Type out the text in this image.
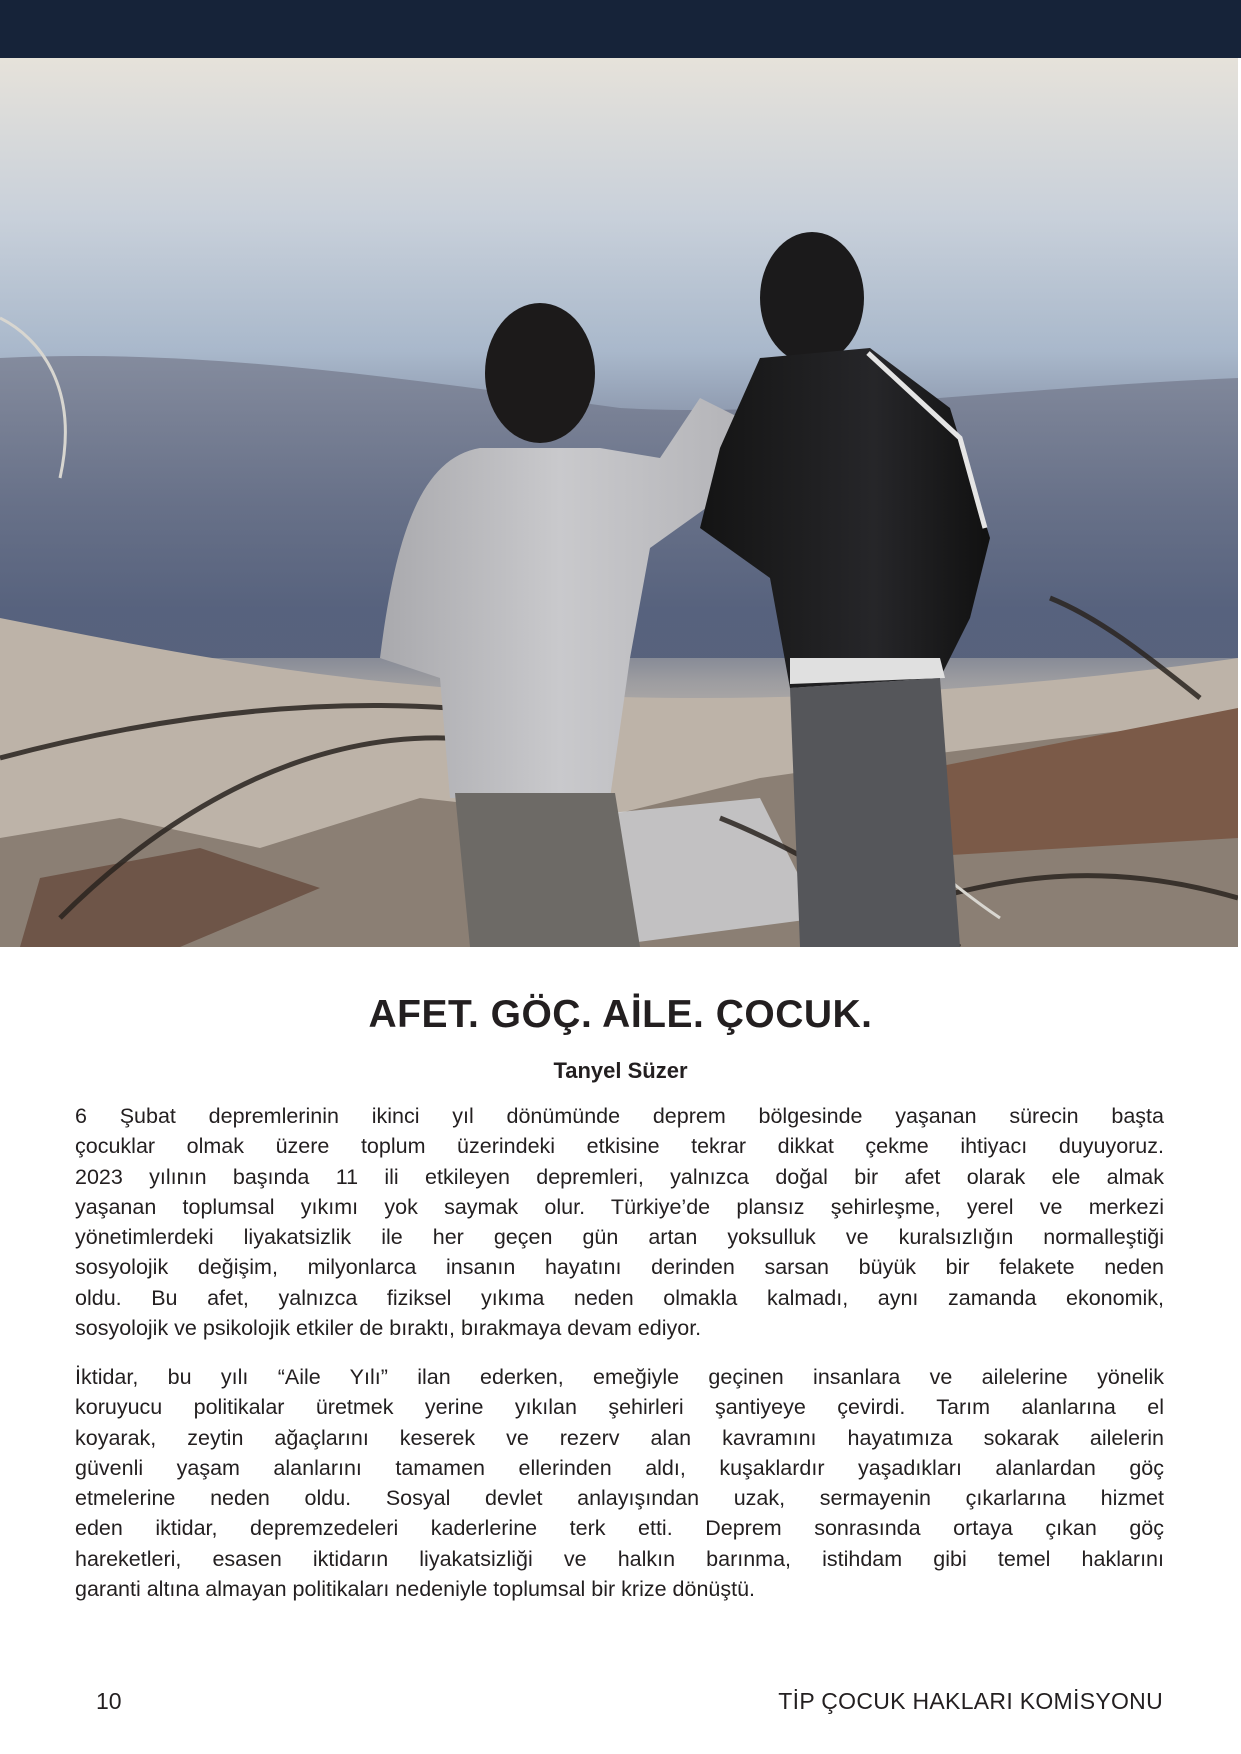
AFET. GÖÇ. AİLE. ÇOCUK.
Tanyel Süzer
6 Şubat depremlerinin ikinci yıl dönümünde deprem bölgesinde yaşanan sürecin başta
çocuklar olmak üzere toplum üzerindeki etkisine tekrar dikkat çekme ihtiyacı duyuyoruz.
2023 yılının başında 11 ili etkileyen depremleri, yalnızca doğal bir afet olarak ele almak
yaşanan toplumsal yıkımı yok saymak olur. Türkiye’de plansız şehirleşme, yerel ve merkezi
yönetimlerdeki liyakatsizlik ile her geçen gün artan yoksulluk ve kuralsızlığın normalleştiği
sosyolojik değişim, milyonlarca insanın hayatını derinden sarsan büyük bir felakete neden
oldu. Bu afet, yalnızca fiziksel yıkıma neden olmakla kalmadı, aynı zamanda ekonomik,
sosyolojik ve psikolojik etkiler de bıraktı, bırakmaya devam ediyor.
İktidar, bu yılı “Aile Yılı” ilan ederken, emeğiyle geçinen insanlara ve ailelerine yönelik
koruyucu politikalar üretmek yerine yıkılan şehirleri şantiyeye çevirdi. Tarım alanlarına el
koyarak, zeytin ağaçlarını keserek ve rezerv alan kavramını hayatımıza sokarak ailelerin
güvenli yaşam alanlarını tamamen ellerinden aldı, kuşaklardır yaşadıkları alanlardan göç
etmelerine neden oldu. Sosyal devlet anlayışından uzak, sermayenin çıkarlarına hizmet
eden iktidar, depremzedeleri kaderlerine terk etti. Deprem sonrasında ortaya çıkan göç
hareketleri, esasen iktidarın liyakatsizliği ve halkın barınma, istihdam gibi temel haklarını
garanti altına almayan politikaları nedeniyle toplumsal bir krize dönüştü.
10	TİP ÇOCUK HAKLARI KOMİSYONU
